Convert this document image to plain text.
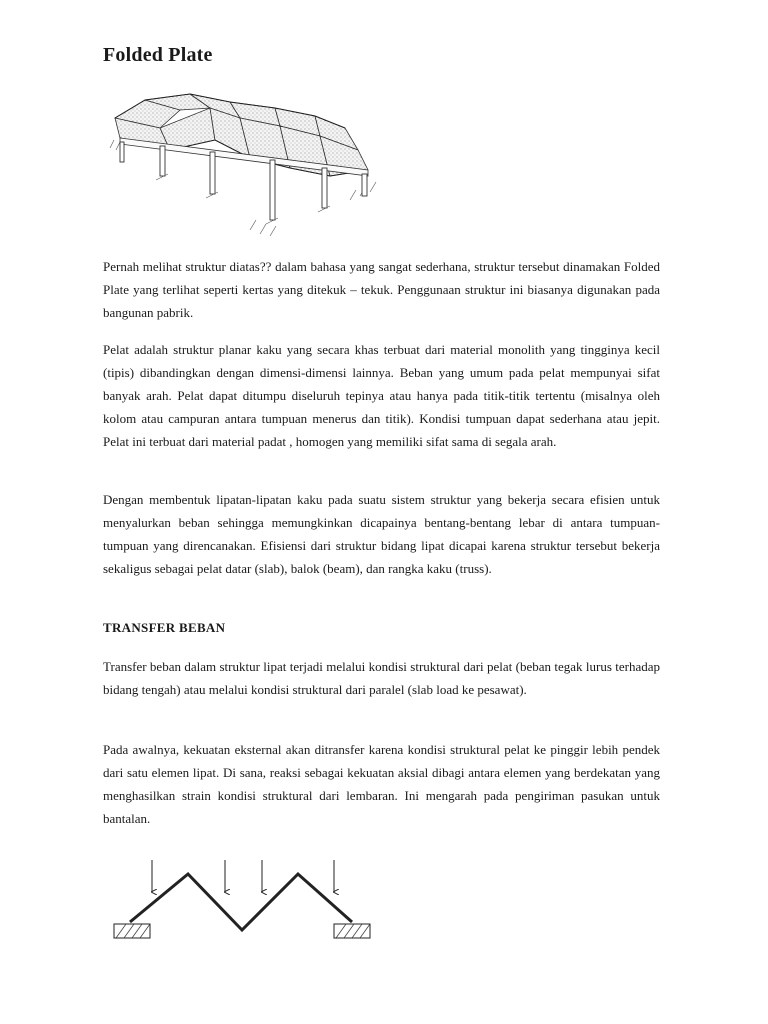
Folded Plate

Pernah melihat struktur diatas?? dalam bahasa yang sangat sederhana, struktur tersebut dinamakan Folded Plate yang terlihat seperti kertas yang ditekuk – tekuk. Penggunaan struktur ini biasanya digunakan pada bangunan pabrik.

Pelat adalah struktur planar kaku yang secara khas terbuat dari material monolith yang tingginya kecil (tipis) dibandingkan dengan dimensi-dimensi lainnya. Beban yang umum pada pelat mempunyai sifat banyak arah. Pelat dapat ditumpu diseluruh tepinya atau hanya pada titik-titik tertentu (misalnya oleh kolom atau campuran antara tumpuan menerus dan titik). Kondisi tumpuan dapat sederhana atau jepit. Pelat ini terbuat dari material padat , homogen yang memiliki sifat sama di segala arah.

Dengan membentuk lipatan-lipatan kaku pada suatu sistem struktur yang bekerja secara efisien untuk menyalurkan beban sehingga memungkinkan dicapainya bentang-bentang lebar di antara tumpuan-tumpuan yang direncanakan. Efisiensi dari struktur bidang lipat dicapai karena struktur tersebut bekerja sekaligus sebagai pelat datar (slab), balok (beam), dan rangka kaku (truss).

TRANSFER BEBAN

Transfer beban dalam struktur lipat terjadi melalui kondisi struktural dari pelat (beban tegak lurus terhadap bidang tengah) atau melalui kondisi struktural dari paralel (slab load ke pesawat).

Pada awalnya, kekuatan eksternal akan ditransfer karena kondisi struktural pelat ke pinggir lebih pendek dari satu elemen lipat. Di sana, reaksi sebagai kekuatan aksial dibagi antara elemen yang berdekatan yang menghasilkan strain kondisi struktural dari lembaran. Ini mengarah pada pengiriman pasukan untuk bantalan.
